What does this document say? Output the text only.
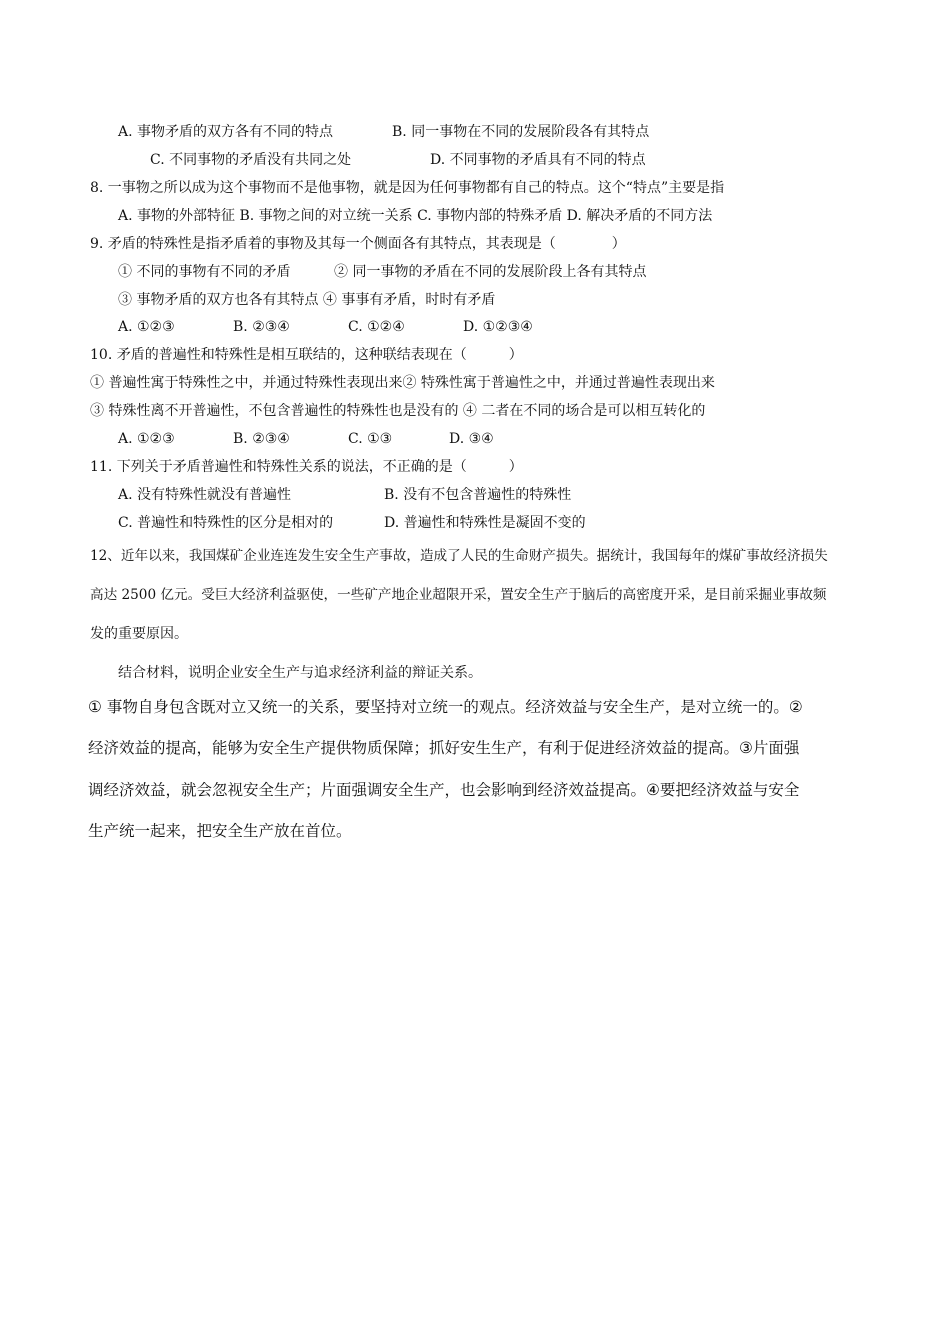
A. 事物矛盾的双方各有不同的特点	B. 同一事物在不同的发展阶段各有其特点
C. 不同事物的矛盾没有共同之处	D. 不同事物的矛盾具有不同的特点
8. 一事物之所以成为这个事物而不是他事物，就是因为任何事物都有自己的特点。这个“特点”主要是指
A. 事物的外部特征 B. 事物之间的对立统一关系 C. 事物内部的特殊矛盾 D. 解决矛盾的不同方法
9. 矛盾的特殊性是指矛盾着的事物及其每一个侧面各有其特点，其表现是（　　　　）
① 不同的事物有不同的矛盾	② 同一事物的矛盾在不同的发展阶段上各有其特点
③ 事物矛盾的双方也各有其特点 ④ 事事有矛盾，时时有矛盾
A. ①②③	B. ②③④	C. ①②④	D. ①②③④
10. 矛盾的普遍性和特殊性是相互联结的，这种联结表现在（　　　）
① 普遍性寓于特殊性之中，并通过特殊性表现出来② 特殊性寓于普遍性之中，并通过普遍性表现出来
③ 特殊性离不开普遍性，不包含普遍性的特殊性也是没有的 ④ 二者在不同的场合是可以相互转化的
A. ①②③	B. ②③④	C. ①③	D. ③④
11. 下列关于矛盾普遍性和特殊性关系的说法，不正确的是（　　　）
A. 没有特殊性就没有普遍性	B. 没有不包含普遍性的特殊性
C. 普遍性和特殊性的区分是相对的	D. 普遍性和特殊性是凝固不变的
12、近年以来，我国煤矿企业连连发生安全生产事故，造成了人民的生命财产损失。据统计，我国每年的煤矿事故经济损失
高达 2500 亿元。受巨大经济利益驱使，一些矿产地企业超限开采，置安全生产于脑后的高密度开采，是目前采掘业事故频
发的重要原因。
结合材料，说明企业安全生产与追求经济利益的辩证关系。
① 事物自身包含既对立又统一的关系，要坚持对立统一的观点。经济效益与安全生产，是对立统一的。②
经济效益的提高，能够为安全生产提供物质保障；抓好安生生产，有利于促进经济效益的提高。③片面强
调经济效益，就会忽视安全生产；片面强调安全生产，也会影响到经济效益提高。④要把经济效益与安全
生产统一起来，把安全生产放在首位。
